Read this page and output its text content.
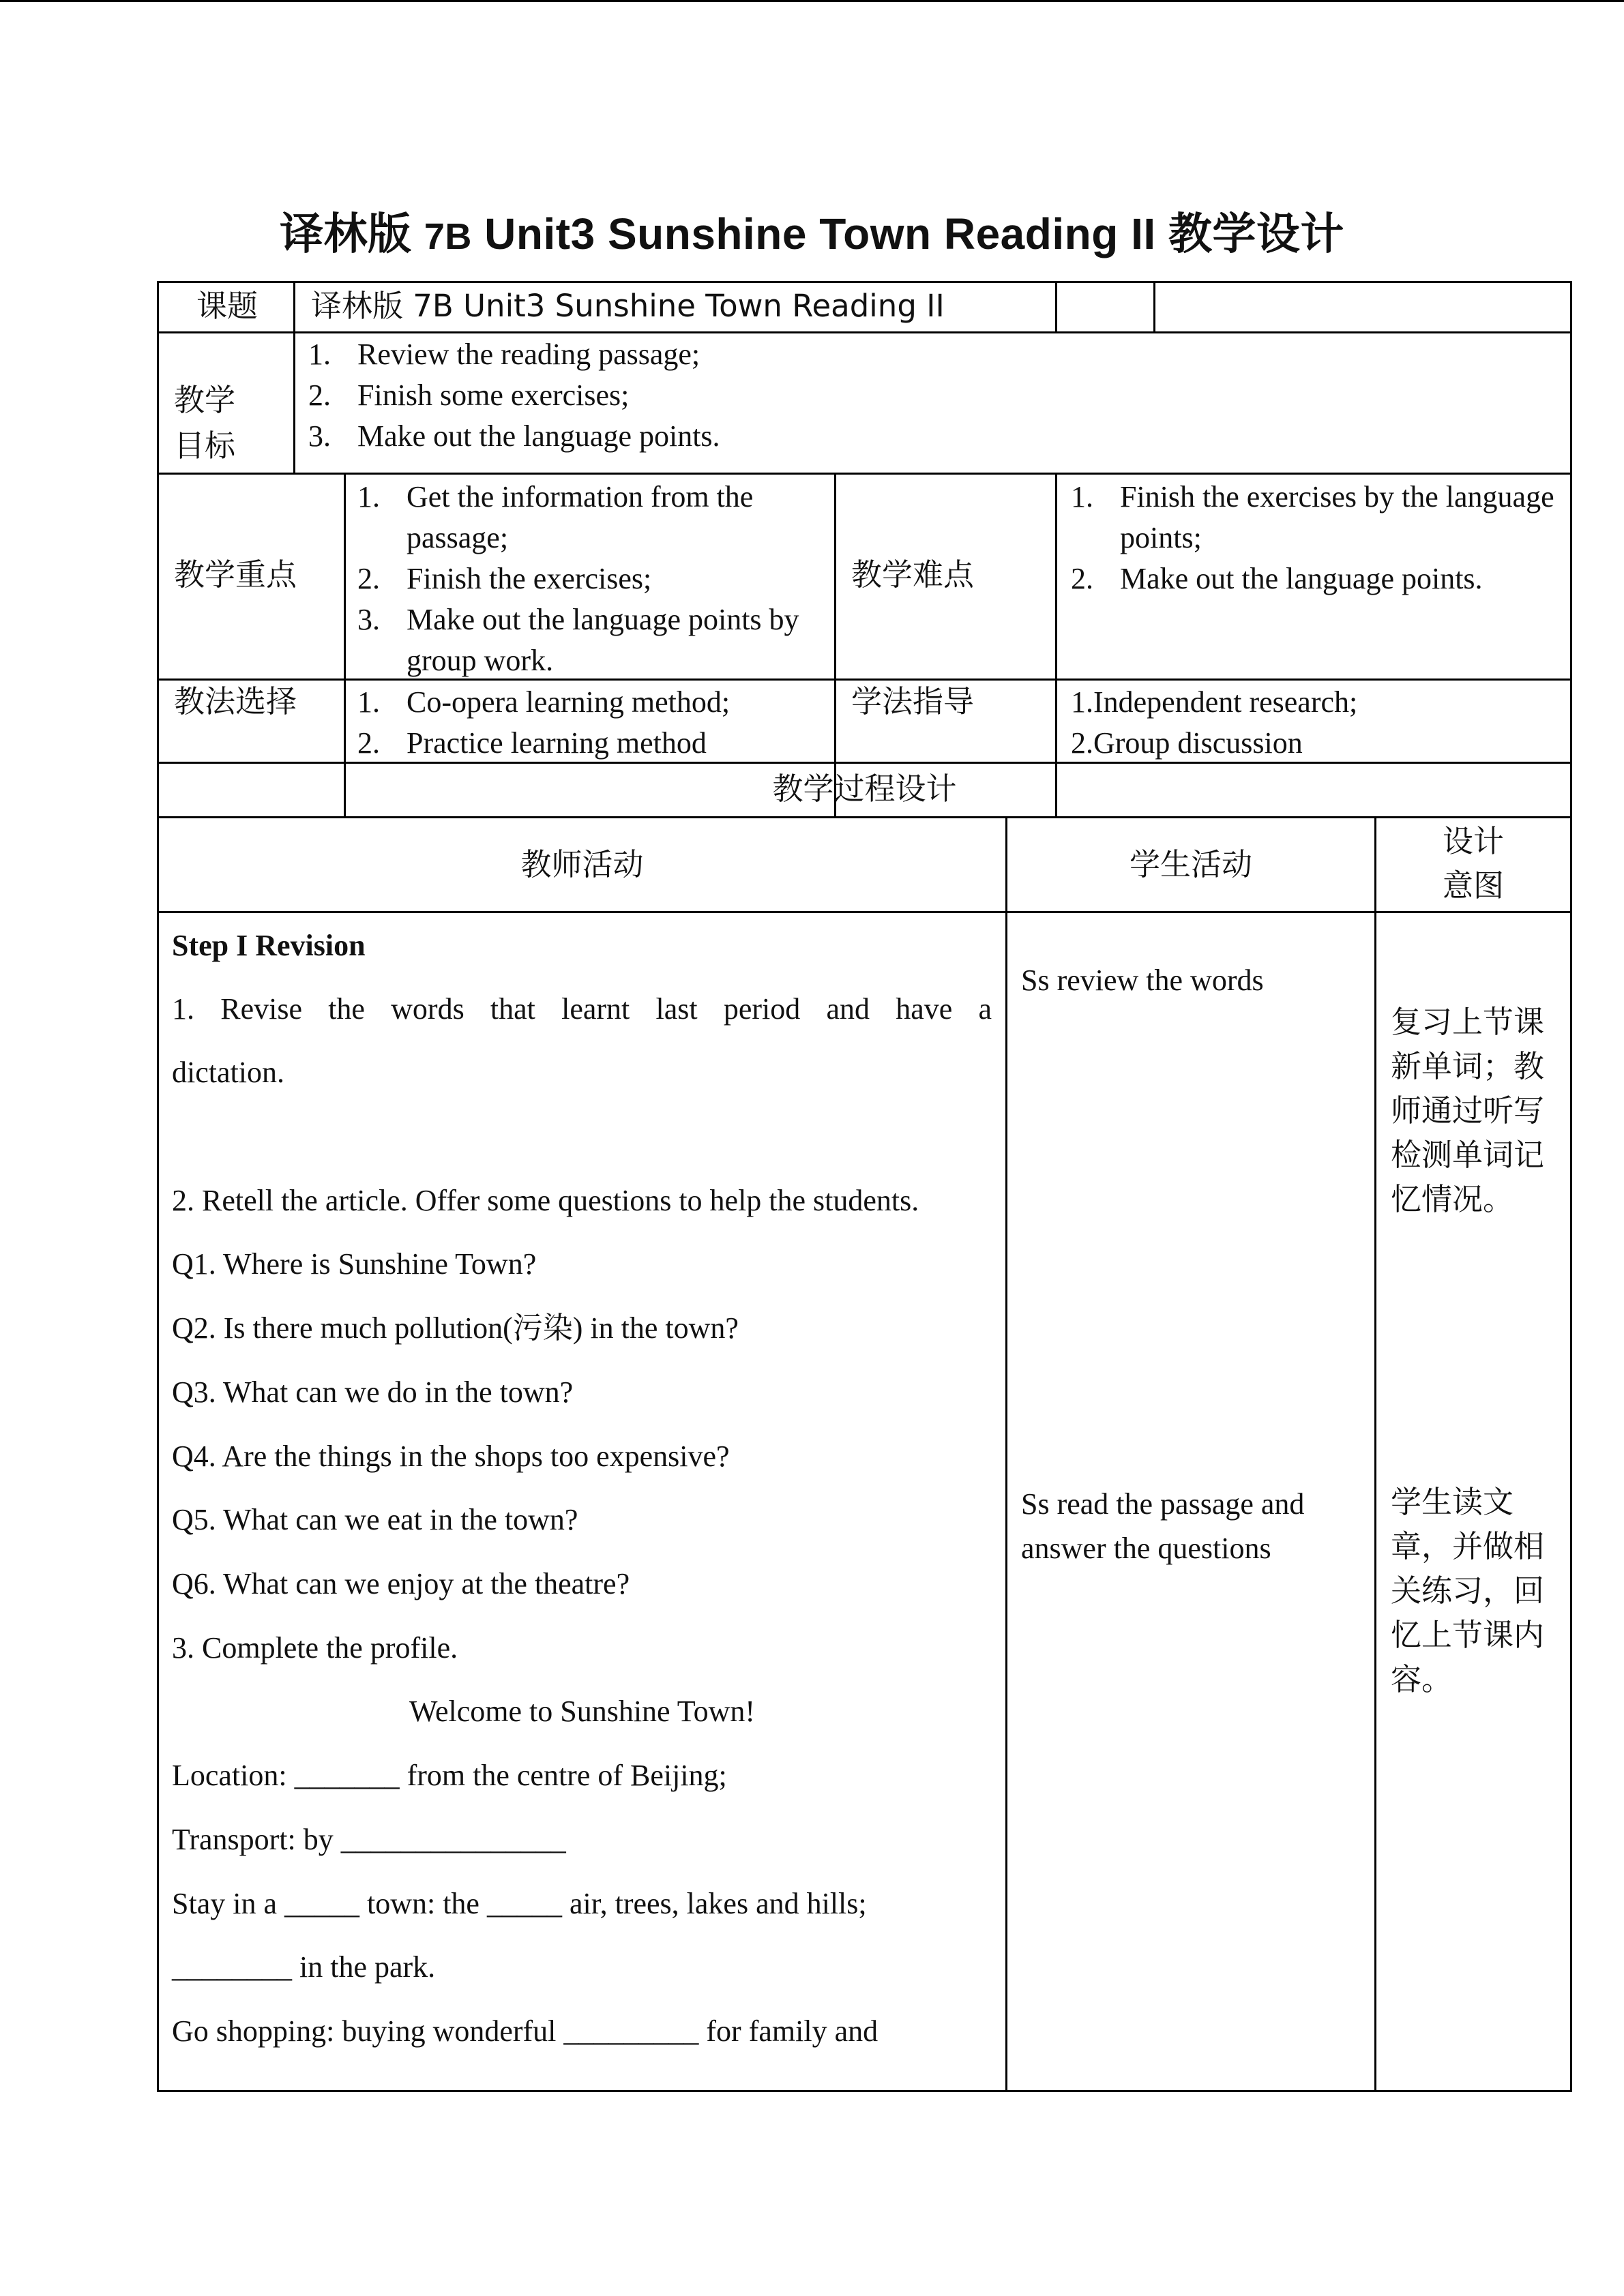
译林版 7B Unit3 Sunshine Town Reading II 教学设计
课题 译林版 7B Unit3 Sunshine Town Reading II
教学
目标
1. Review the reading passage;
2. Finish some exercises;
3. Make out the language points.
教学重点
1. Get the information from the passage;
2. Finish the exercises;
3. Make out the language points by group work.
教学难点
1. Finish the exercises by the language points;
2. Make out the language points.
教法选择 1. Co-opera learning method;
2. Practice learning method
学法指导	1.Independent research;
2.Group discussion
教学过程设计
教师活动	学生活动
设计
意图
Step I Revision
1. Revise the words that learnt last period and have a
dictation.
2. Retell the article. Offer some questions to help the students.
Q1. Where is Sunshine Town?
Q2. Is there much pollution(污染) in the town?
Q3. What can we do in the town?
Q4. Are the things in the shops too expensive?
Q5. What can we eat in the town?
Q6. What can we enjoy at the theatre?
3. Complete the profile.
Welcome to Sunshine Town!
Location: _______ from the centre of Beijing;
Transport: by _______________
Stay in a _____ town: the _____ air, trees, lakes and hills;
________ in the park.
Go shopping: buying wonderful _________ for family and
Ss review the words
Ss read the passage and
answer the questions
复习上节课
新单词；教
师通过听写
检测单词记
忆情况。
学生读文
章，并做相
关练习，回
忆上节课内
容。
